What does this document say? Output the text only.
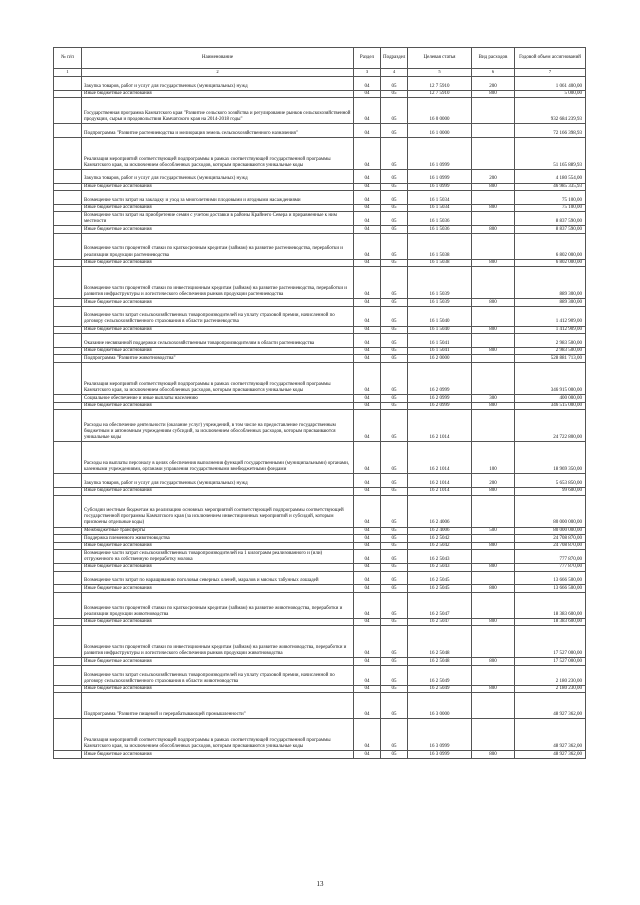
№ п/п	Наименование	Раздел	Подраздел	Целевая статья	Вид расходов	Годовой объем ассигнований
1	2	3	4	5	6	7
	Закупка товаров, работ и услуг для государственных (муниципальных) нужд	04	05	12 7 5910	200	1 061 400,00
	Иные бюджетные ассигнования	04	05	12 7 5910	800	5 000,00
	Государственная программа Камчатского края "Развитие сельского хозяйства и регулирование рынков сельскохозяйственной продукции, сырья и продовольствия Камчатского края на 2014-2018 годы"	04	05	16 0 0000		932 684 239,93
	Подпрограмма "Развитие растениеводства и мелиорация земель сельскохозяйственного назначения"	04	05	16 1 0000		72 166 398,93
	Реализация мероприятий соответствующей подпрограммы в рамках соответствующей государственной программы Камчатского края, за исключением обособленных расходов, которым присваиваются уникальные коды	04	05	16 1 0999		51 165 889,93
	Закупка товаров, работ и услуг для государственных (муниципальных) нужд	04	05	16 1 0999	200	4 180 554,00
	Иные бюджетные ассигнования	04	05	16 1 0999	800	46 985 335,93
	Возмещение части затрат на закладку и уход за многолетними плодовыми и ягодными насаждениями	04	05	16 1 5034		75 100,00
	Иные бюджетные ассигнования	04	05	16 1 5034	800	75 100,00
	Возмещение части затрат на приобретение семян с учетом доставки в районы Крайнего Севера и приравненные к ним местности	04	05	16 1 5036		8 837 590,00
	Иные бюджетные ассигнования	04	05	16 1 5036	800	8 837 590,00
	Возмещение части процентной ставки по краткосрочным кредитам (займам) на развитие растениеводства, переработки и реализации продукции растениеводства	04	05	16 1 5038		6 802 000,00
	Иные бюджетные ассигнования	04	05	16 1 5038	800	6 802 000,00
	Возмещение части процентной ставки по инвестиционным кредитам (займам) на развитие растениеводства, переработки и развития инфраструктуры и логистического обеспечения рынков продукции растениеводства	04	05	16 1 5039		889 300,00
	Иные бюджетные ассигнования	04	05	16 1 5039	800	889 300,00
	Возмещение части затрат сельскохозяйственных товаропроизводителей на уплату страховой премии, начисленной по договору сельскохозяйственного страхования в области растениеводства	04	05	16 1 5040		1 412 909,00
	Иные бюджетные ассигнования	04	05	16 1 5040	800	1 412 909,00
	Оказание несвязанной поддержки сельскохозяйственным товаропроизводителям в области растениеводства	04	05	16 1 5041		2 983 500,00
	Иные бюджетные ассигнования	04	05	16 1 5041	800	2 983 500,00
	Подпрограмма "Развитие животноводства"	04	05	16 2 0000		528 881 713,00
	Реализация мероприятий соответствующей подпрограммы в рамках соответствующей государственной программы Камчатского края, за исключением обособленных расходов, которым присваиваются уникальные коды	04	05	16 2 0999		346 915 000,00
	Социальное обеспечение и иные выплаты населению	04	05	16 2 0999	300	400 000,00
	Иные бюджетные ассигнования	04	05	16 2 0999	800	346 515 000,00
	Расходы на обеспечение деятельности (оказание услуг) учреждений, в том числе на предоставление государственным бюджетным и автономным учреждениям субсидий, за исключением обособленных расходов, которым присваиваются уникальные коды	04	05	16 2 1014		24 722 800,00
	Расходы на выплаты персоналу в целях обеспечения выполнения функций государственными (муниципальными) органами, казенными учреждениями, органами управления государственными внебюджетными фондами	04	05	16 2 1014	100	18 969 350,00
	Закупка товаров, работ и услуг для государственных (муниципальных) нужд	04	05	16 2 1014	200	5 653 850,00
	Иные бюджетные ассигнования	04	05	16 2 1014	800	99 600,00
	Субсидии местным бюджетам на реализацию основных мероприятий соответствующей подпрограммы соответствующей государственной программы Камчатского края (за исключением инвестиционных мероприятий и субсидий, которым присвоены отдельные коды)	04	05	16 2 4006		80 000 000,00
	Межбюджетные трансферты	04	05	16 2 4006	500	80 000 000,00
	Поддержка племенного животноводства	04	05	16 2 5042		24 708 870,00
	Иные бюджетные ассигнования	04	05	16 2 5042	800	24 708 870,00
	Возмещение части затрат сельскохозяйственных товаропроизводителей на 1 килограмм реализованного и (или) отгруженного на собственную переработку молока	04	05	16 2 5043		777 870,00
	Иные бюджетные ассигнования	04	05	16 2 5043	800	777 870,00
	Возмещение части затрат по наращиванию поголовья северных оленей, маралов и мясных табунных лошадей	04	05	16 2 5045		13 666 500,00
	Иные бюджетные ассигнования	04	05	16 2 5045	800	13 666 500,00
	Возмещение части процентной ставки по краткосрочным кредитам (займам) на развитие животноводства, переработки и реализации продукции животноводства	04	05	16 2 5047		18 383 600,00
	Иные бюджетные ассигнования	04	05	16 2 5047	800	18 383 600,00
	Возмещение части процентной ставки по инвестиционным кредитам (займам) на развитие животноводства, переработки и развития инфраструктуры и логистического обеспечения рынков продукции животноводства	04	05	16 2 5048		17 527 000,00
	Иные бюджетные ассигнования	04	05	16 2 5048	800	17 527 000,00
	Возмещение части затрат сельскохозяйственных товаропроизводителей на уплату страховой премии, начисленной по договору сельскохозяйственного страхования в области животноводства	04	05	16 2 5049		2 180 230,00
	Иные бюджетные ассигнования	04	05	16 2 5049	800	2 180 230,00
	Подпрограмма "Развитие пищевой и перерабатывающей промышленности"	04	05	16 3 0000		48 927 362,00
	Реализация мероприятий соответствующей подпрограммы в рамках соответствующей государственной программы Камчатского края, за исключением обособленных расходов, которым присваиваются уникальные коды	04	05	16 3 0999		48 927 362,00
	Иные бюджетные ассигнования	04	05	16 3 0999	800	48 927 362,00
13
